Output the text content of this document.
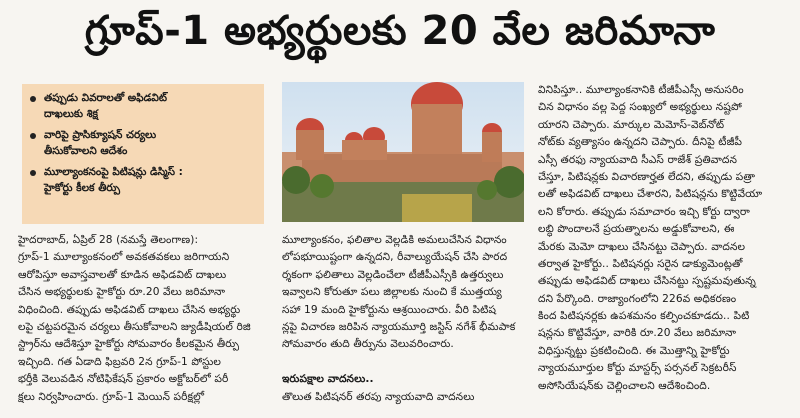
గ్రూప్-1 అభ్యర్థులకు 20 వేల జరిమానా
తప్పుడు వివరాలతో అఫిడవిట్
దాఖలుకు శిక్ష
వారిపై ప్రాసిక్యూషన్ చర్యలు
తీసుకోవాలని ఆదేశం
మూల్యాంకనంపై పిటిషన్లు డిస్మిస్ :
హైకోర్టు కీలక తీర్పు
హైదరాబాద్, ఏప్రిల్ 28 (నమస్తే తెలంగాణ):
గ్రూప్-1 మూల్యాంకనంలో అవకతవకలు జరిగాయని
ఆరోపిస్తూ అవాస్తవాలతో కూడిన అఫిడవిట్ దాఖలు
చేసిన అభ్యర్థులకు హైకోర్టు రూ.20 వేలు జరిమానా
విధించింది. తప్పుడు అఫిడవిట్ దాఖలు చేసిన అభ్యర్థు
లపై చట్టపరమైన చర్యలు తీసుకోవాలని జ్యుడీషియల్ రిజి
స్ట్రార్‌ను ఆదేశిస్తూ హైకోర్టు సోమవారం కీలకమైన తీర్పు
ఇచ్చింది. గత ఏడాది ఫిబ్రవరి 2న గ్రూప్-1 పోస్టుల
భర్తీకి వెలువడిన నోటిఫికేషన్ ప్రకారం అక్టోబర్‌లో పరీ
క్షలు నిర్వహించారు. గ్రూప్-1 మెయిన్ పరీక్షల్లో
మూల్యాంకనం, ఫలితాల వెల్లడికి అమలుచేసిన విధానం
లోపభూయిష్టంగా ఉన్నదని, రీవాల్యుయేషన్ చేసి పారద
ర్శకంగా ఫలితాలు వెల్లడించేలా టీజీపీఎస్సీకి ఉత్తర్వులు
ఇవ్వాలని కోరుతూ పలు జిల్లాలకు నుంచి కే ముత్తయ్య
సహా 19 మంది హైకోర్టును ఆశ్రయించారు. వీరి పిటిష
న్లపై విచారణ జరిపిన న్యాయమూర్తి జస్టిస్ నగేశ్ భీమపాక
సోమవారం తుది తీర్పును వెలువరించారు.
ఇరుపక్షాల వాదనలు..
తొలుత పిటిషనర్ తరపు న్యాయవాది వాదనలు
వినిపిస్తూ.. మూల్యాంకనానికి టీజీపీఎస్సీ అనుసరిం
చిన విధానం వల్ల పెద్ద సంఖ్యలో అభ్యర్థులు నష్టపో
యారని చెప్పారు. మార్కుల మెమోస్-వెబ్‌నోట్
నోట్‌కు వ్యత్యాసం ఉన్నదని చెప్పారు. దీనిపై టీజీపీ
ఎస్సీ తరఫు న్యాయవాది సీఎస్ రాజేశ్ ప్రతివాదన
చేస్తూ, పిటిషన్లకు విచారణార్హత లేదని, తప్పుడు పత్రా
లతో అఫిడవిట్ దాఖలు చేశారని, పిటిషన్లను కొట్టివేయా
లని కోరారు. తప్పుడు సమాచారం ఇచ్చి కోర్టు ద్వారా
లబ్ధి పొందాలనే ప్రయత్నాలను అడ్డుకోవాలని, ఈ
మేరకు మెమో దాఖలు చేసినట్టు చెప్పారు. వాదనల
తర్వాత హైకోర్టు.. పిటిషనర్లు సరైన డాక్యుమెంట్లతో
తప్పుడు అఫిడవిట్ దాఖలు చేసినట్టు స్పష్టమవుతున్న
దని పేర్కొంది. రాజ్యాంగంలోని 226వ అధికరణం
కింద పిటిషనర్లకు ఉపశమనం కల్పించకూడదు.. పిటి
షన్లను కొట్టివేస్తూ, వారికి రూ.20 వేలు జరిమానా
విధిస్తున్నట్టు ప్రకటించింది. ఈ మొత్తాన్ని హైకోర్టు
న్యాయమూర్తుల కోర్టు మాస్టర్స్ పర్సనల్ సెక్రటరీస్
అసోసియేషన్‌కు చెల్లించాలని ఆదేశించింది.
